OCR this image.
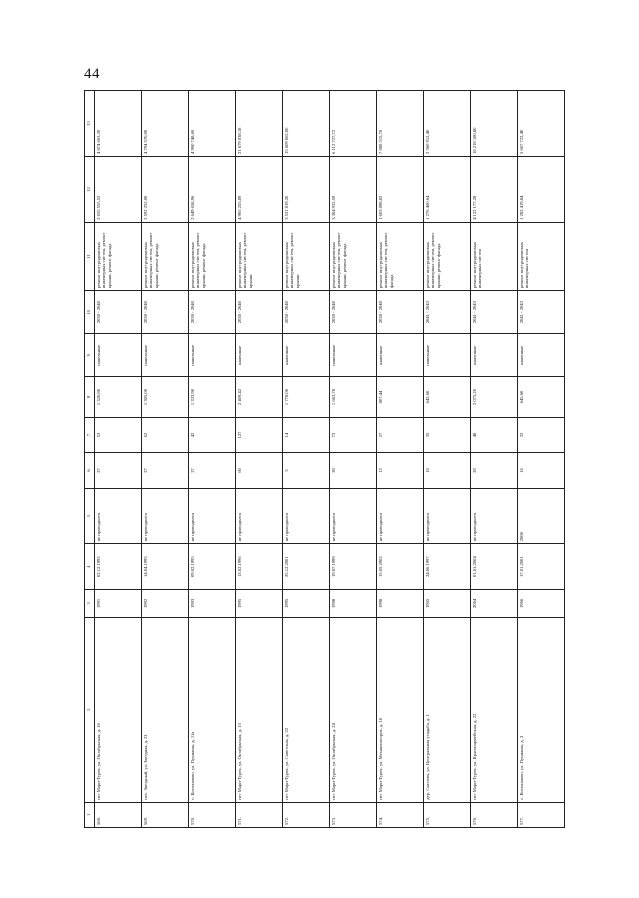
44
1	2	3	4	5	6	7	8	9	10	11	12	13
568.	пгт Мари-Турек, ул. Октябрьская, д. 16	1991	02.12.1992	не проводился	27	53	1 320,80	панельные	2038 - 2040	ремонт внутридомовых инженерных систем, ремонт крыши, ремонт фасада	2 655 555,52	4 874 663,20
569.	пос. Звездный, ул. Звездная, д. 21	1992	14.04.1995	не проводился	27	62	1 305,00	панельные	2038 - 2040	ремонт внутридомовых инженерных систем, ремонт крыши, ремонт фасада	2 592 252,00	4 794 570,00
570.	с. Косолапово, ул. Пушкина, д. 11а	1993	09.02.1995	не проводился	27	42	1 333,90	панельные	2038 - 2040	ремонт внутридомовых инженерных систем, ремонт крыши, ремонт фасада	2 649 658,96	4 900 748,60
571.	пгт Мари-Турек, ул. Октябрьская, д. 13	1995	13.02.1996	не проводился	60	127	2 469,42	каменные	2038 - 2040	ремонт внутридомовых инженерных систем, ремонт крыши	4 905 255,89	21 679 038,18
572.	пгт Мари-Турек, ул. Советская, д. 22	1995	25.12.2001	не проводился	5	14	1 778,00	каменные	2038 - 2040	ремонт внутридомовых инженерных систем, ремонт крыши	3 531 819,20	15 609 062,00
573.	пгт Мари-Турек, ул. Октябрьская, д. 24	1998	19.07.1999	не проводился	30	72	1 663,78	панельные	2038 - 2040	ремонт внутридомовых инженерных систем, ремонт крыши, ремонт фасада	3 304 932,59	6 112 727,72
574.	пгт Мари-Турек, ул. Механизаторов, д. 16	1998	15.05.2002	не проводился	12	27	807,44	каменные	2038 - 2040	ремонт внутридомовых инженерных систем, ремонт фасада	1 603 898,82	7 088 515,76
575.	дер. Сысоева, ул. Центральная усадьба, д. 1	1965	24.06.1997	не проводился	16	35	642,60	панельные	2041 - 2043	ремонт внутридомовых инженерных систем, ремонт крыши, ремонт фасада	1 276 460,64	2 360 912,40
576.	пгт Мари-Турек, ул. Красноармейская, д. 22	2004	01.01.2004	не проводился	20	48	2 075,20	каменные	2041 - 2043	ремонт внутридомовых инженерных систем	4 122 177,28	18 218 180,80
577.	с. Косолапово, ул. Пушкина, д. 3	1966	17.01.2001	2008	16	32	645,60	каменные	2041 - 2043	ремонт внутридомовых инженерных систем	1 282 419,84	5 667 722,40
